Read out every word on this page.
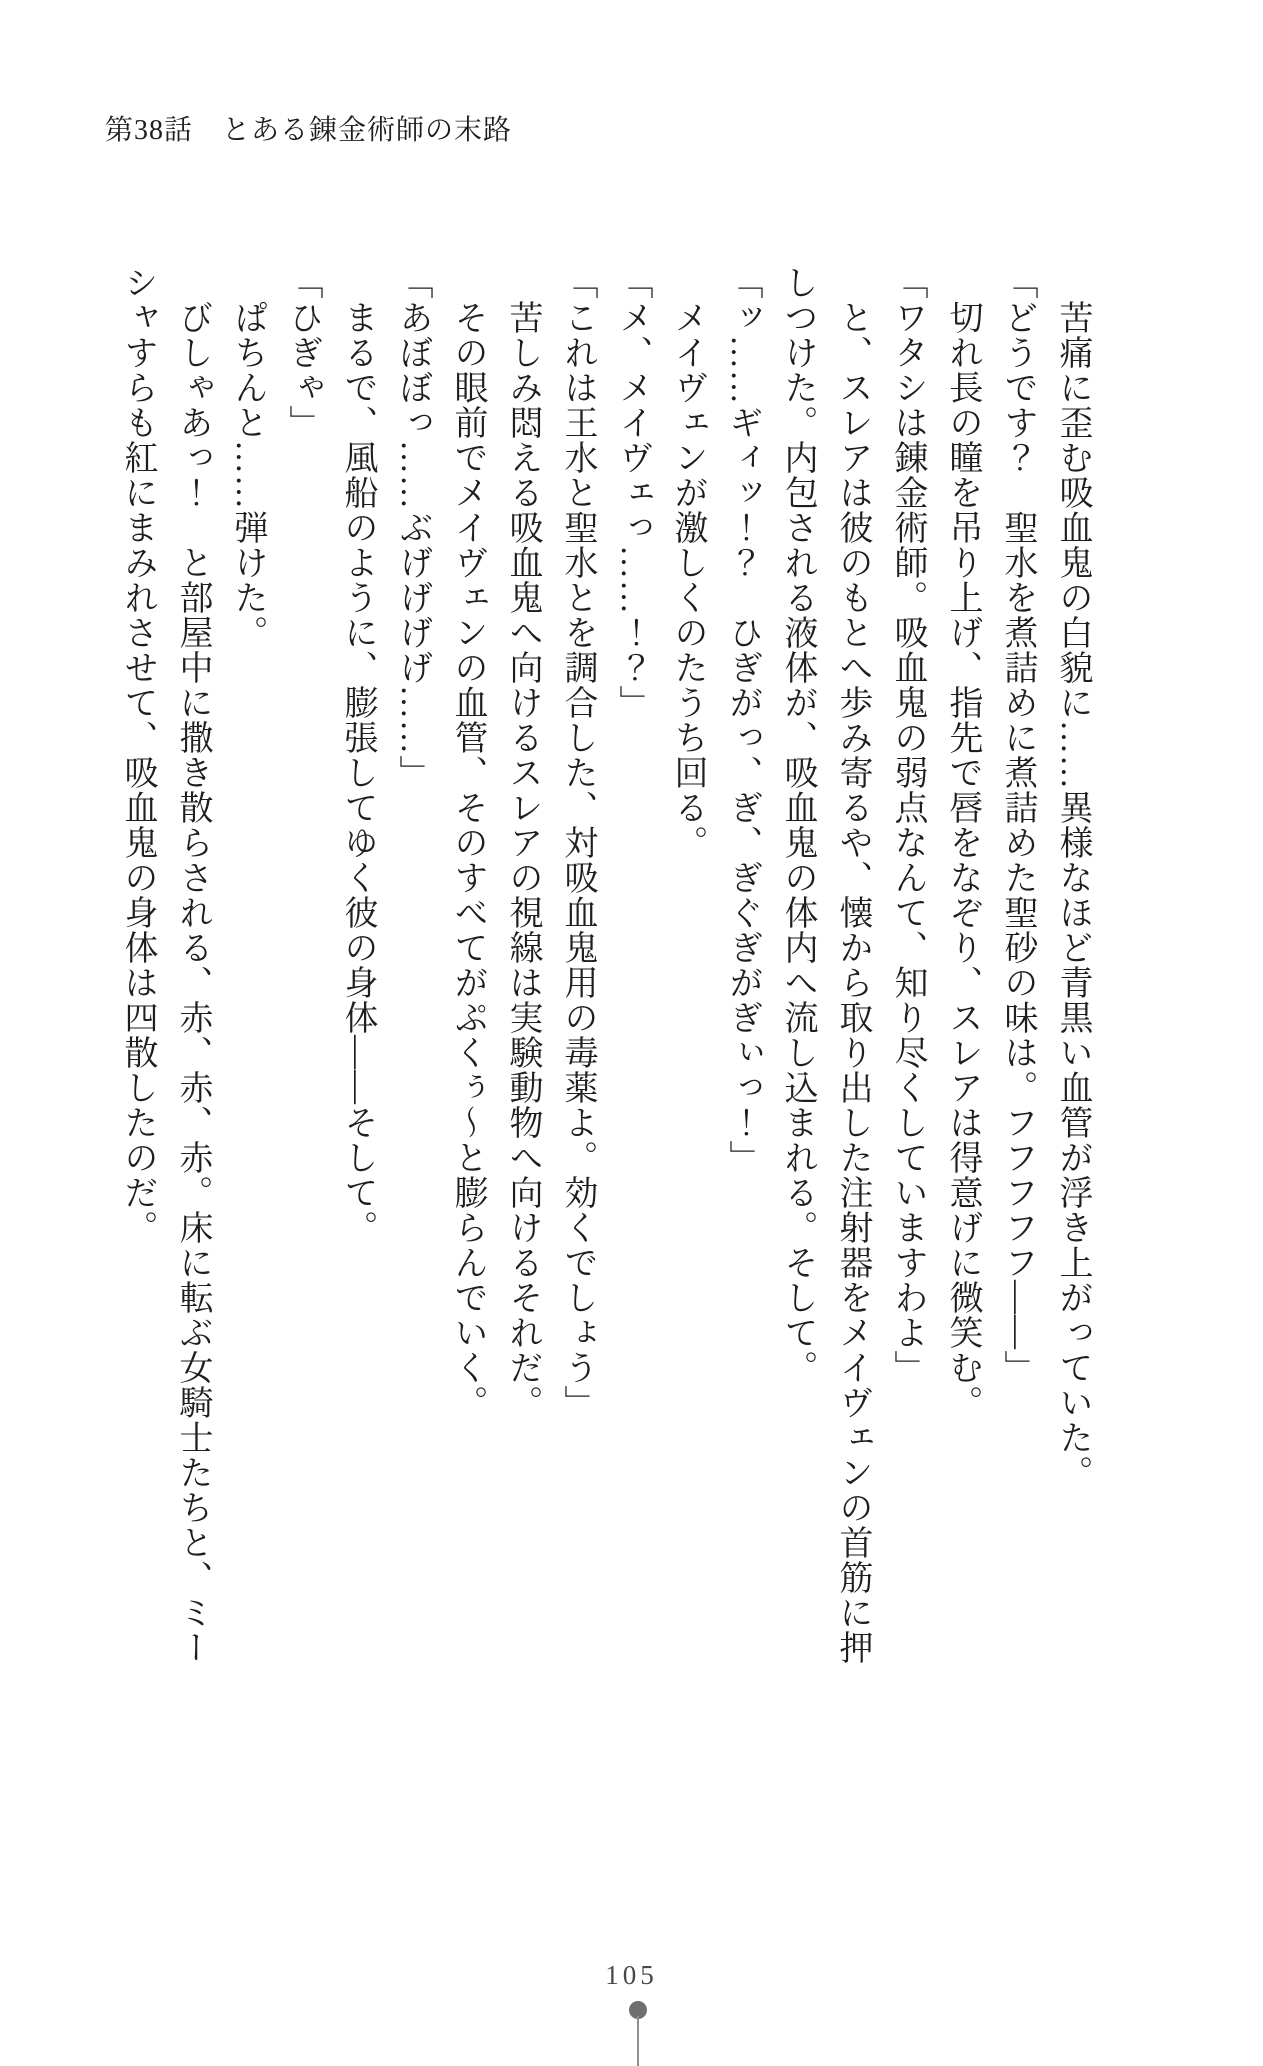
第38話　とある錬金術師の末路
苦痛に歪む吸血鬼の白貌に……異様なほど青黒い血管が浮き上がっていた。
「どうです？　聖水を煮詰めに煮詰めた聖砂の味は。フフフフフ――」
切れ長の瞳を吊り上げ、指先で唇をなぞり、スレアは得意げに微笑む。
「ワタシは錬金術師。吸血鬼の弱点なんて、知り尽くしていますわよ」
と、スレアは彼のもとへ歩み寄るや、懐から取り出した注射器をメイヴェンの首筋に押
しつけた。内包される液体が、吸血鬼の体内へ流し込まれる。そして。
「ッ……ギィッ！？　ひぎがっ、ぎ、ぎぐぎがぎぃっ！」
メイヴェンが激しくのたうち回る。
「メ、メイヴェっ……！？」
「これは王水と聖水とを調合した、対吸血鬼用の毒薬よ。効くでしょう」
苦しみ悶える吸血鬼へ向けるスレアの視線は実験動物へ向けるそれだ。
その眼前でメイヴェンの血管、そのすべてがぷくぅ〜と膨らんでいく。
「あぼぼっ……ぶげげげげ……」
まるで、風船のように、膨張してゆく彼の身体――そして。
「ひぎゃ」
ぱちんと……弾けた。
びしゃあっ！　と部屋中に撒き散らされる、赤、赤、赤。床に転ぶ女騎士たちと、ミー
シャすらも紅にまみれさせて、吸血鬼の身体は四散したのだ。
105
